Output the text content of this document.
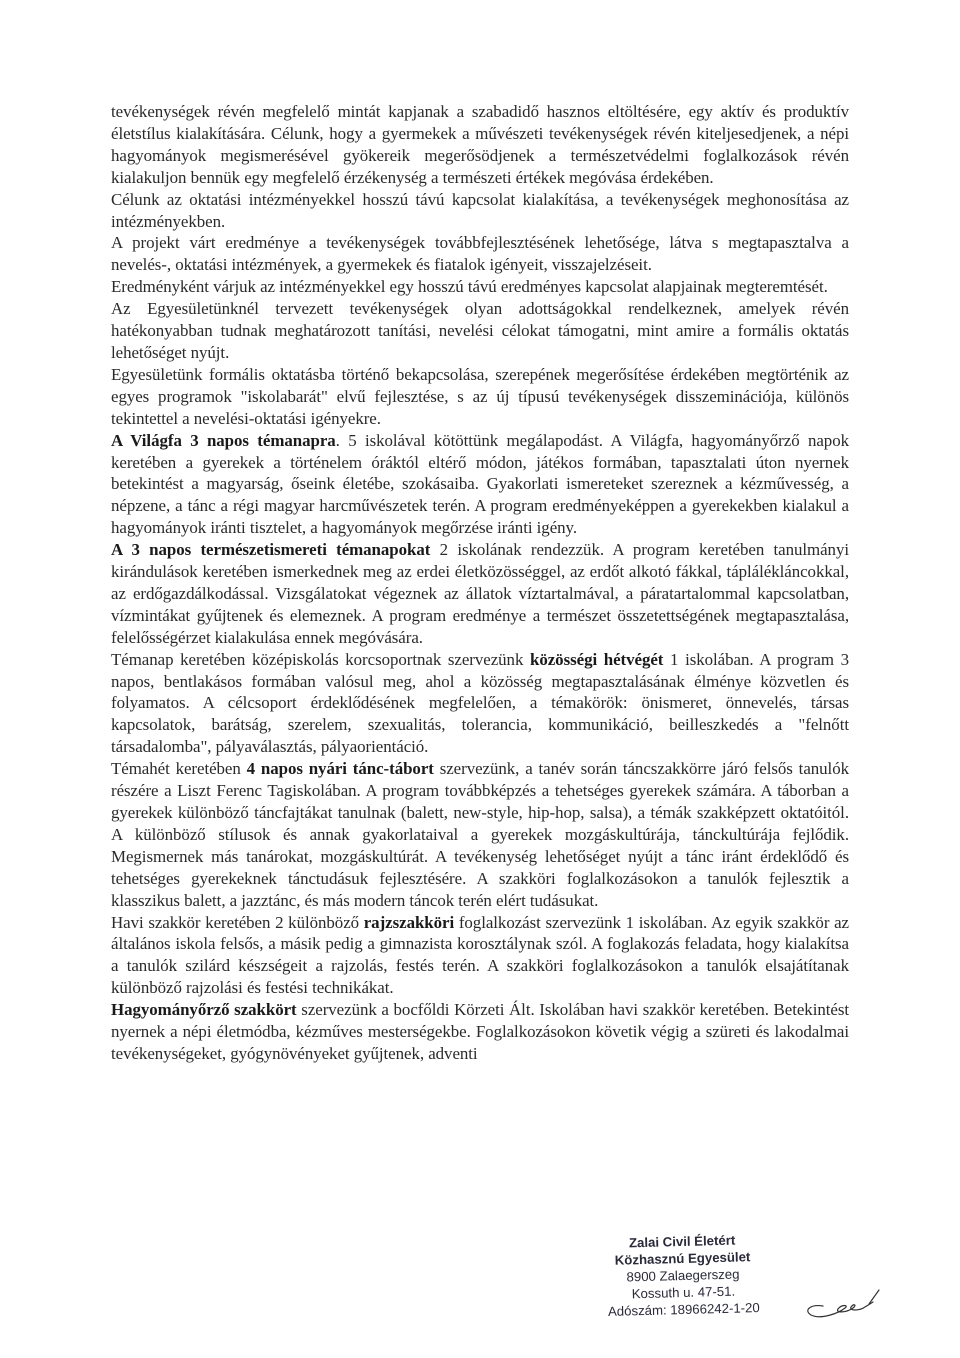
tevékenységek révén megfelelő mintát kapjanak a szabadidő hasznos eltöltésére, egy aktív és produktív életstílus kialakítására. Célunk, hogy a gyermekek a művészeti tevékenységek révén kiteljesedjenek, a népi hagyományok megismerésével gyökereik megerősödjenek a természetvédelmi foglalkozások révén kialakuljon bennük egy megfelelő érzékenység a természeti értékek megóvása érdekében.

Célunk az oktatási intézményekkel hosszú távú kapcsolat kialakítása, a tevékenységek meghonosítása az intézményekben.

A projekt várt eredménye a tevékenységek továbbfejlesztésének lehetősége, látva s megtapasztalva a nevelés-, oktatási intézmények, a gyermekek és fiatalok igényeit, visszajelzéseit.

Eredményként várjuk az intézményekkel egy hosszú távú eredményes kapcsolat alapjainak megteremtését.

Az Egyesületünknél tervezett tevékenységek olyan adottságokkal rendelkeznek, amelyek révén hatékonyabban tudnak meghatározott tanítási, nevelési célokat támogatni, mint amire a formális oktatás lehetőséget nyújt.

Egyesületünk formális oktatásba történő bekapcsolása, szerepének megerősítése érdekében megtörténik az egyes programok "iskolabarát" elvű fejlesztése, s az új típusú tevékenységek disszeminációja, különös tekintettel a nevelési-oktatási igényekre.

A Világfa 3 napos témanapra. 5 iskolával kötöttünk megálapodást. A Világfa, hagyományőrző napok keretében a gyerekek a történelem óráktól eltérő módon, játékos formában, tapasztalati úton nyernek betekintést a magyarság, őseink életébe, szokásaiba. Gyakorlati ismereteket szereznek a kézművesség, a népzene, a tánc a régi magyar harcművészetek terén. A program eredményeképpen a gyerekekben kialakul a hagyományok iránti tisztelet, a hagyományok megőrzése iránti igény.

A 3 napos természetismereti témanapokat 2 iskolának rendezzük. A program keretében tanulmányi kirándulások keretében ismerkednek meg az erdei életközösséggel, az erdőt alkotó fákkal, táplálékláncokkal, az erdőgazdálkodással. Vizsgálatokat végeznek az állatok víztartalmával, a páratartalommal kapcsolatban, vízmintákat gyűjtenek és elemeznek. A program eredménye a természet összetettségének megtapasztalása, felelősségérzet kialakulása ennek megóvására.

Témanap keretében középiskolás korcsoportnak szervezünk közösségi hétvégét 1 iskolában. A program 3 napos, bentlakásos formában valósul meg, ahol a közösség megtapasztalásának élménye közvetlen és folyamatos. A célcsoport érdeklődésének megfelelően, a témakörök: önismeret, önnevelés, társas kapcsolatok, barátság, szerelem, szexualitás, tolerancia, kommunikáció, beilleszkedés a "felnőtt társadalomba", pályaválasztás, pályaorientáció.

Témahét keretében 4 napos nyári tánc-tábort szervezünk, a tanév során táncszakkörre járó felsős tanulók részére a Liszt Ferenc Tagiskolában. A program továbbképzés a tehetséges gyerekek számára. A táborban a gyerekek különböző táncfajtákat tanulnak (balett, new-style, hip-hop, salsa), a témák szakképzett oktatóitól. A különböző stílusok és annak gyakorlataival a gyerekek mozgáskultúrája, tánckultúrája fejlődik. Megismernek más tanárokat, mozgáskultúrát. A tevékenység lehetőséget nyújt a tánc iránt érdeklődő és tehetséges gyerekeknek tánctudásuk fejlesztésére. A szakköri foglalkozásokon a tanulók fejlesztik a klasszikus balett, a jazztánc, és más modern táncok terén elért tudásukat.

Havi szakkör keretében 2 különböző rajzszakköri foglalkozást szervezünk 1 iskolában. Az egyik szakkör az általános iskola felsős, a másik pedig a gimnazista korosztálynak szól. A foglakozás feladata, hogy kialakítsa a tanulók szilárd készségeit a rajzolás, festés terén. A szakköri foglalkozásokon a tanulók elsajátítanak különböző rajzolási és festési technikákat.

Hagyományőrző szakkört szervezünk a bocfőldi Körzeti Ált. Iskolában havi szakkör keretében. Betekintést nyernek a népi életmódba, kézműves mesterségekbe. Foglalkozásokon követik végig a szüreti és lakodalmai tevékenységeket, gyógynövényeket gyűjtenek, adventi

Zalai Civil Életért
Közhasznú Egyesület
8900 Zalaegerszeg
Kossuth u. 47-51.
Adószám: 18966242-1-20
